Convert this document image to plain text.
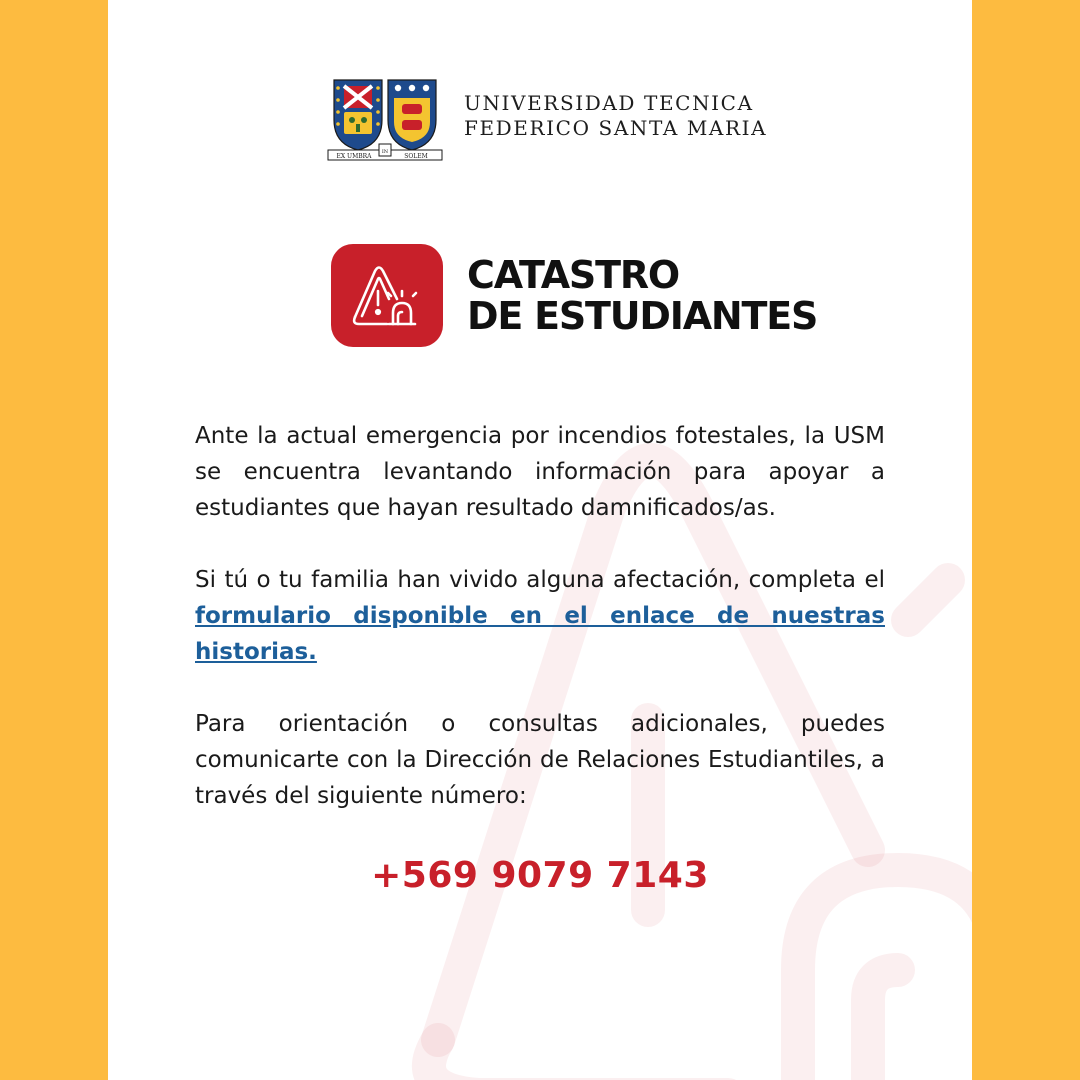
EX UMBRA
IN
SOLEM
UNIVERSIDAD TECNICA
FEDERICO SANTA MARIA
CATASTRO
DE ESTUDIANTES

Ante la actual emergencia por incendios fotestales, la USM se encuentra levantando información para apoyar a estudiantes que hayan resultado damnificados/as.

Si tú o tu familia han vivido alguna afectación, completa el formulario disponible en el enlace de nuestras historias.

Para orientación o consultas adicionales, puedes comunicarte con la Dirección de Relaciones Estudiantiles, a través del siguiente número:

+569 9079 7143
